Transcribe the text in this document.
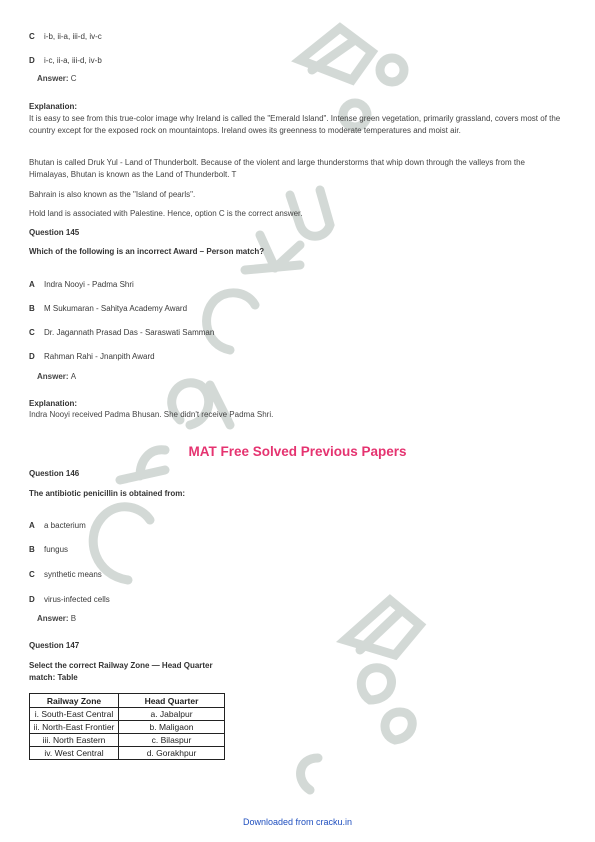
C i-b, ii-a, iii-d, iv-c
D i-c, ii-a, iii-d, iv-b
Answer: C
Explanation:
It is easy to see from this true-color image why Ireland is called the "Emerald Island". Intense green vegetation, primarily grassland, covers most of the country except for the exposed rock on mountaintops. Ireland owes its greenness to moderate temperatures and moist air.
Bhutan is called Druk Yul - Land of Thunderbolt. Because of the violent and large thunderstorms that whip down through the valleys from the Himalayas, Bhutan is known as the Land of Thunderbolt. T
Bahrain is also known as the "Island of pearls".
Hold land is associated with Palestine. Hence, option C is the correct answer.
Question 145
Which of the following is an incorrect Award – Person match?
A Indra Nooyi - Padma Shri
B M Sukumaran - Sahitya Academy Award
C Dr. Jagannath Prasad Das - Saraswati Samman
D Rahman Rahi - Jnanpith Award
Answer: A
Explanation:
Indra Nooyi received Padma Bhusan. She didn't receive Padma Shri.
MAT Free Solved Previous Papers
Question 146
The antibiotic penicillin is obtained from:
A a bacterium
B fungus
C synthetic means
D virus-infected cells
Answer: B
Question 147
Select the correct Railway Zone — Head Quarter
match: Table
Railway Zone	Head Quarter
i. South-East Central	a. Jabalpur
ii. North-East Frontier	b. Maligaon
iii. North Eastern	c. Bilaspur
iv. West Central	d. Gorakhpur
Downloaded from cracku.in
